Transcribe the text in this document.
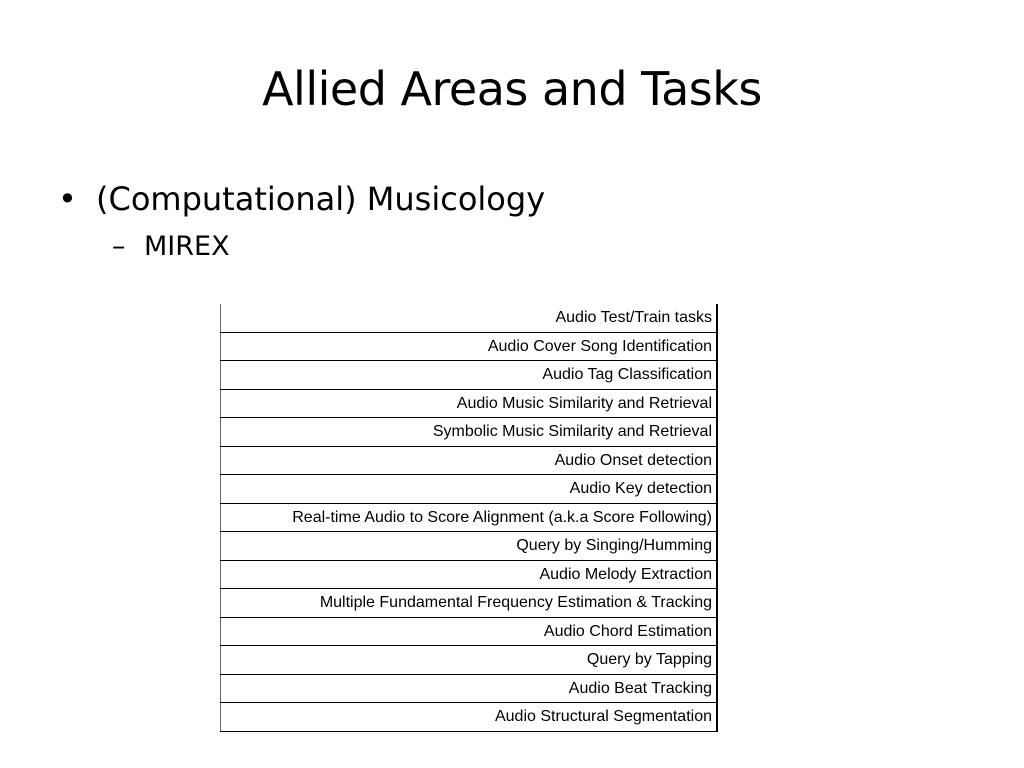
Allied Areas and Tasks
• (Computational) Musicology
– MIREX
Audio Test/Train tasks
Audio Cover Song Identification
Audio Tag Classification
Audio Music Similarity and Retrieval
Symbolic Music Similarity and Retrieval
Audio Onset detection
Audio Key detection
Real-time Audio to Score Alignment (a.k.a Score Following)
Query by Singing/Humming
Audio Melody Extraction
Multiple Fundamental Frequency Estimation & Tracking
Audio Chord Estimation
Query by Tapping
Audio Beat Tracking
Audio Structural Segmentation
